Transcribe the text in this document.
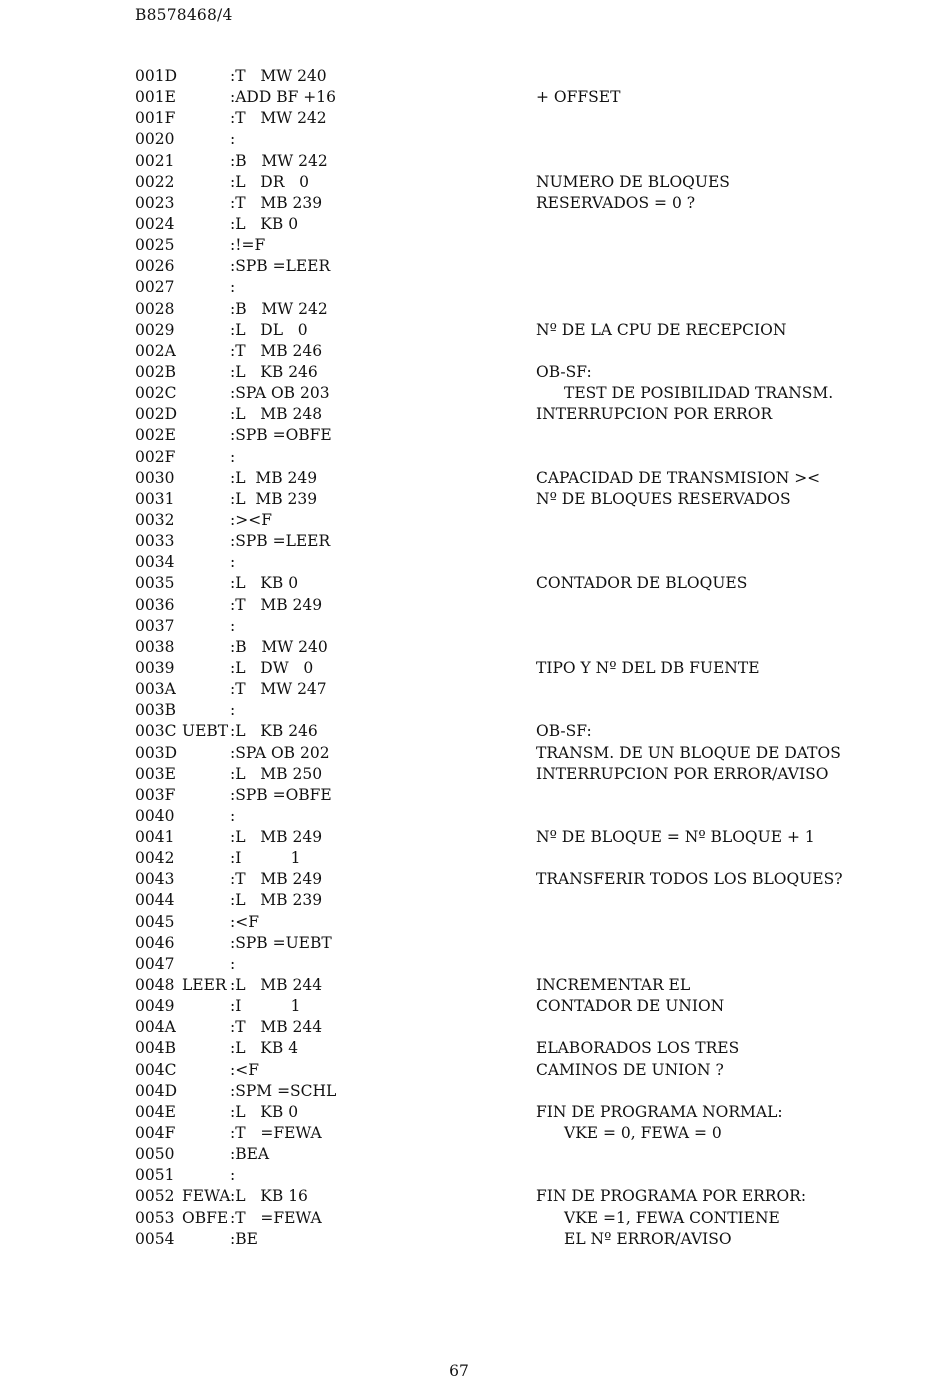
B8578468/4
001D	:T   MW 240
001E	:ADD BF +16	+ OFFSET
001F	:T   MW 242
0020	:
0021	:B   MW 242
0022	:L   DR   0	NUMERO DE BLOQUES
0023	:T   MB 239	RESERVADOS = 0 ?
0024	:L   KB 0
0025	:!=F
0026	:SPB =LEER
0027	:
0028	:B   MW 242
0029	:L   DL   0	Nº DE LA CPU DE RECEPCION
002A	:T   MB 246
002B	:L   KB 246	OB-SF:
002C	:SPA OB 203	TEST DE POSIBILIDAD TRANSM.
002D	:L   MB 248	INTERRUPCION POR ERROR
002E	:SPB =OBFE
002F	:
0030	:L  MB 249	CAPACIDAD DE TRANSMISION ><
0031	:L  MB 239	Nº DE BLOQUES RESERVADOS
0032	:><F
0033	:SPB =LEER
0034	:
0035	:L   KB 0	CONTADOR DE BLOQUES
0036	:T   MB 249
0037	:
0038	:B   MW 240
0039	:L   DW   0	TIPO Y Nº DEL DB FUENTE
003A	:T   MW 247
003B	:
003C UEBT :L   KB 246	OB-SF:
003D	:SPA OB 202	TRANSM. DE UN BLOQUE DE DATOS
003E	:L   MB 250	INTERRUPCION POR ERROR/AVISO
003F	:SPB =OBFE
0040	:
0041	:L   MB 249	Nº DE BLOQUE = Nº BLOQUE + 1
0042	:I          1
0043	:T   MB 249	TRANSFERIR TODOS LOS BLOQUES?
0044	:L   MB 239
0045	:<F
0046	:SPB =UEBT
0047	:
0048 LEER :L   MB 244	INCREMENTAR EL
0049	:I          1	CONTADOR DE UNION
004A	:T   MB 244
004B	:L   KB 4	ELABORADOS LOS TRES
004C	:<F	CAMINOS DE UNION ?
004D	:SPM =SCHL
004E	:L   KB 0	FIN DE PROGRAMA NORMAL:
004F	:T   =FEWA	VKE = 0, FEWA = 0
0050	:BEA
0051	:
0052 FEWA :L   KB 16	FIN DE PROGRAMA POR ERROR:
0053 OBFE :T   =FEWA	VKE =1, FEWA CONTIENE
0054	:BE	EL Nº ERROR/AVISO
67
